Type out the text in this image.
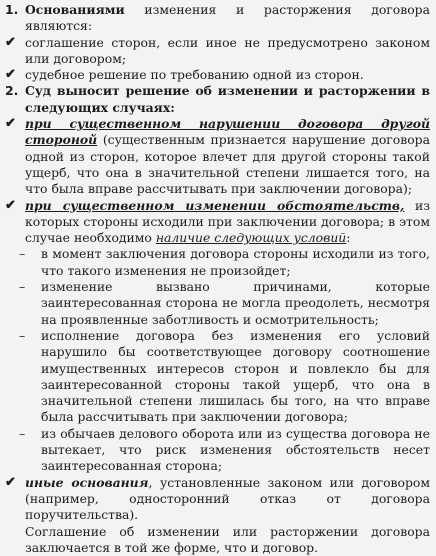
1. Основаниями изменения и расторжения договора являются:
✔ соглашение сторон, если иное не предусмотрено законом или договором;
✔ судебное решение по требованию одной из сторон.
2. Суд выносит решение об изменении и расторжении в следующих случаях:
✔ при существенном нарушении договора другой стороной (существенным признается нарушение договора одной из сторон, которое влечет для другой стороны такой ущерб, что она в значительной степени лишается того, на что была вправе рассчитывать при заключении договора);
✔ при существенном изменении обстоятельств, из которых стороны исходили при заключении договора; в этом случае необходимо наличие следующих условий:
– в момент заключения договора стороны исходили из того, что такого изменения не произойдет;
– изменение вызвано причинами, которые заинтересованная сторона не могла преодолеть, несмотря на проявленные заботливость и осмотрительность;
– исполнение договора без изменения его условий нарушило бы соответствующее договору соотношение имущественных интересов сторон и повлекло бы для заинтересованной стороны такой ущерб, что она в значительной степени лишилась бы того, на что вправе была рассчитывать при заключении договора;
– из обычаев делового оборота или из существа договора не вытекает, что риск изменения обстоятельств несет заинтересованная сторона;
✔ иные основания, установленные законом или договором (например, односторонний отказ от договора поручительства).
Соглашение об изменении или расторжении договора заключается в той же форме, что и договор.
